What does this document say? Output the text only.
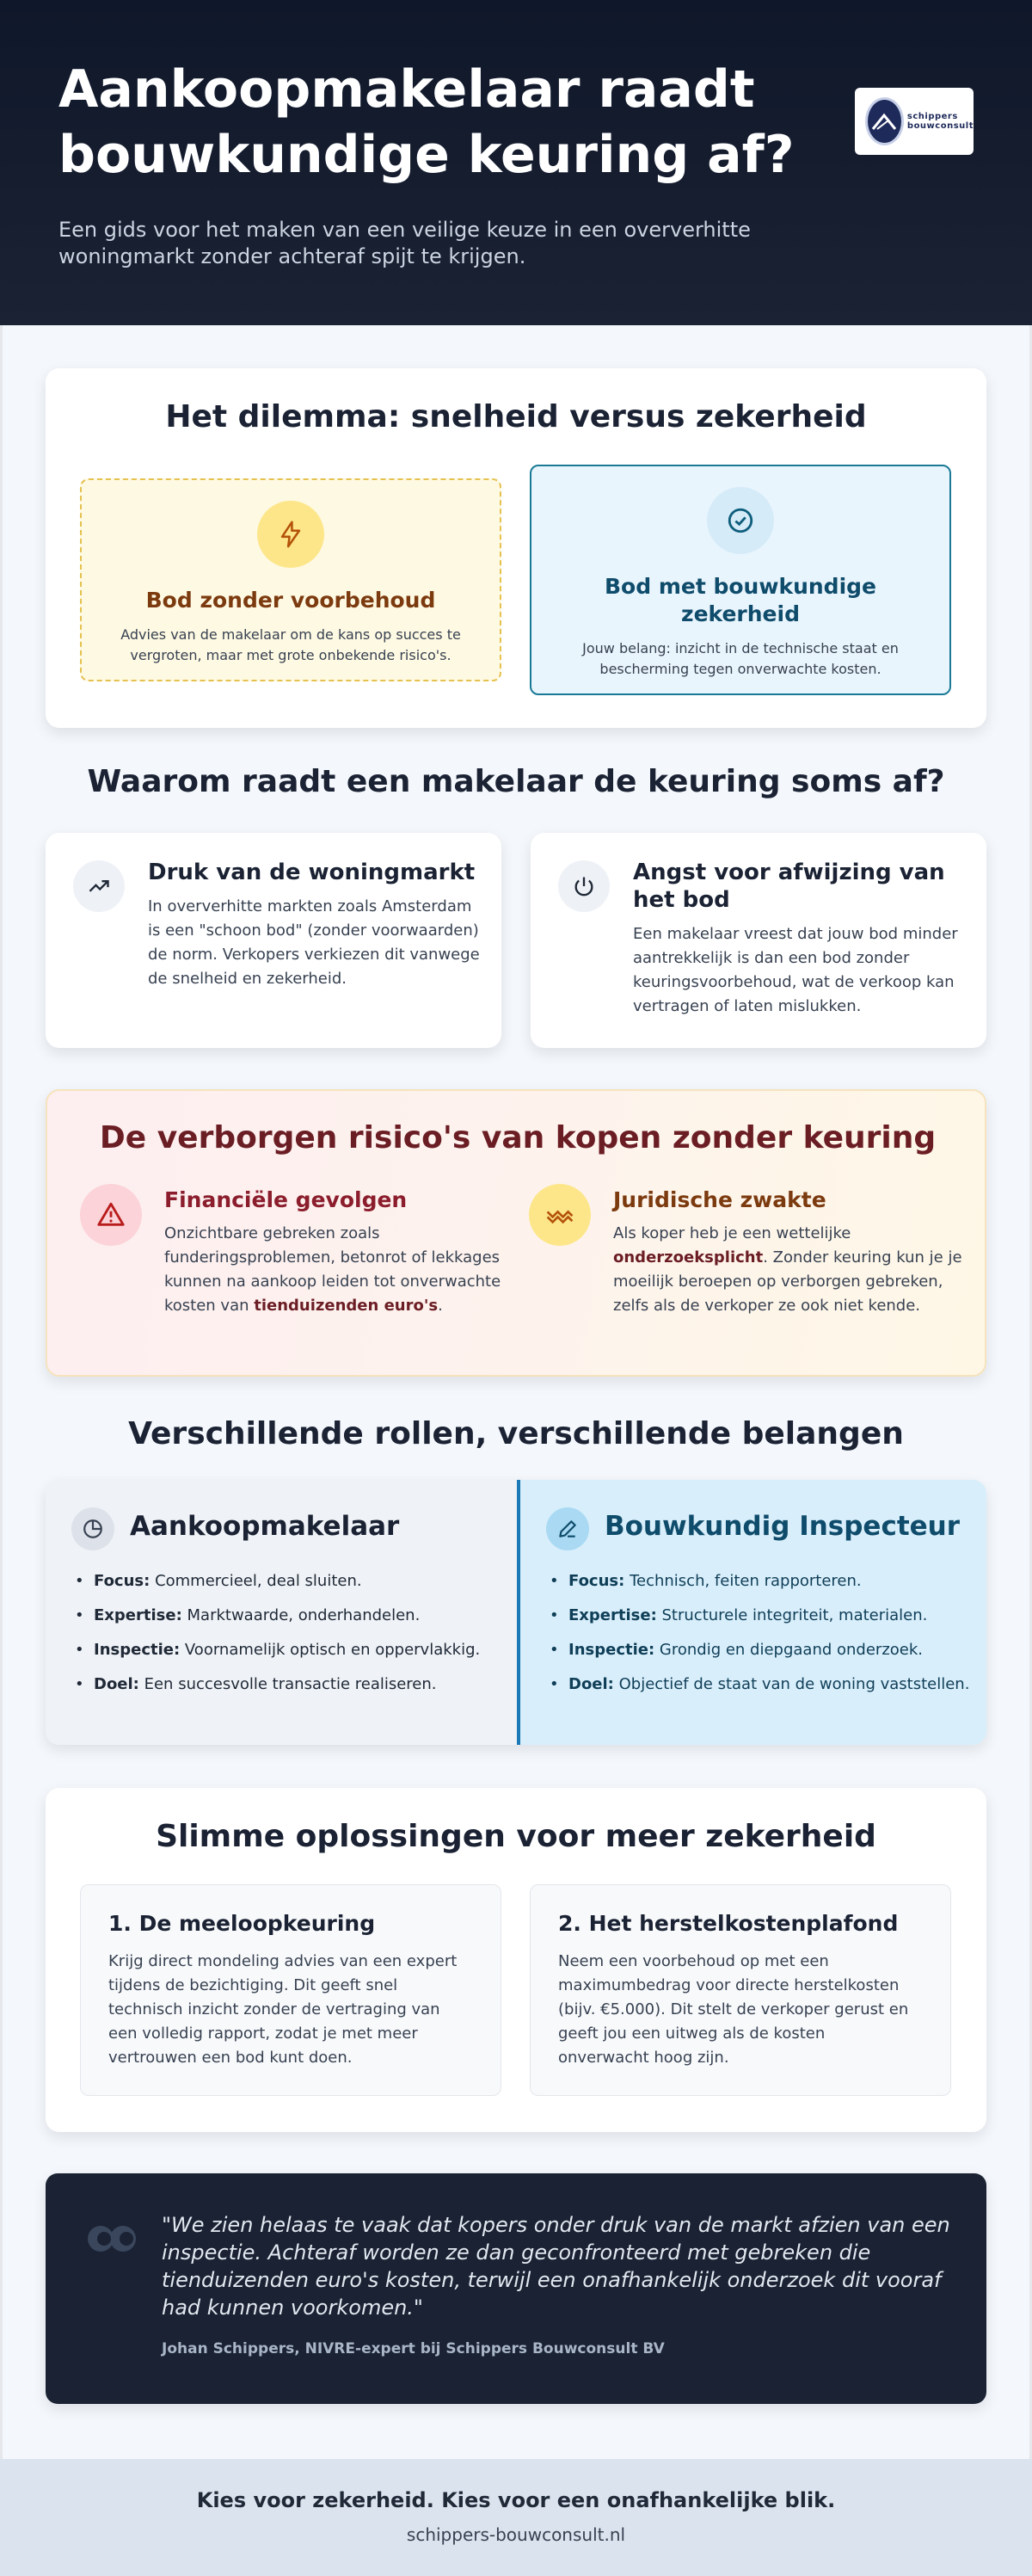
Aankoopmakelaar raadt bouwkundige keuring af?
Een gids voor het maken van een veilige keuze in een oververhitte woningmarkt zonder achteraf spijt te krijgen.
schippers
bouwconsult
Het dilemma: snelheid versus zekerheid
Bod zonder voorbehoud

Advies van de makelaar om de kans op succes te vergroten, maar met grote onbekende risico's.

Bod met bouwkundige zekerheid

Jouw belang: inzicht in de technische staat en bescherming tegen onverwachte kosten.

Waarom raadt een makelaar de keuring soms af?
Druk van de woningmarkt

In oververhitte markten zoals Amsterdam is een "schoon bod" (zonder voorwaarden) de norm. Verkopers verkiezen dit vanwege de snelheid en zekerheid.

Angst voor afwijzing van het bod

Een makelaar vreest dat jouw bod minder aantrekkelijk is dan een bod zonder keuringsvoorbehoud, wat de verkoop kan vertragen of laten mislukken.

De verborgen risico's van kopen zonder keuring
Financiële gevolgen

Onzichtbare gebreken zoals funderingsproblemen, betonrot of lekkages kunnen na aankoop leiden tot onverwachte kosten van tienduizenden euro's.

Juridische zwakte

Als koper heb je een wettelijke onderzoeksplicht. Zonder keuring kun je je moeilijk beroepen op verborgen gebreken, zelfs als de verkoper ze ook niet kende.

Verschillende rollen, verschillende belangen
Aankoopmakelaar
• Focus: Commercieel, deal sluiten.
• Expertise: Marktwaarde, onderhandelen.
• Inspectie: Voornamelijk optisch en oppervlakkig.
• Doel: Een succesvolle transactie realiseren.
Bouwkundig Inspecteur
• Focus: Technisch, feiten rapporteren.
• Expertise: Structurele integriteit, materialen.
• Inspectie: Grondig en diepgaand onderzoek.
• Doel: Objectief de staat van de woning vaststellen.
Slimme oplossingen voor meer zekerheid
1. De meeloopkeuring

Krijg direct mondeling advies van een expert tijdens de bezichtiging. Dit geeft snel technisch inzicht zonder de vertraging van een volledig rapport, zodat je met meer vertrouwen een bod kunt doen.

2. Het herstelkostenplafond

Neem een voorbehoud op met een maximumbedrag voor directe herstelkosten (bijv. €5.000). Dit stelt de verkoper gerust en geeft jou een uitweg als de kosten onverwacht hoog zijn.

"We zien helaas te vaak dat kopers onder druk van de markt afzien van een inspectie. Achteraf worden ze dan geconfronteerd met gebreken die tienduizenden euro's kosten, terwijl een onafhankelijk onderzoek dit vooraf had kunnen voorkomen."

Johan Schippers, NIVRE-expert bij Schippers Bouwconsult BV
Kies voor zekerheid. Kies voor een onafhankelijke blik.
schippers-bouwconsult.nl
